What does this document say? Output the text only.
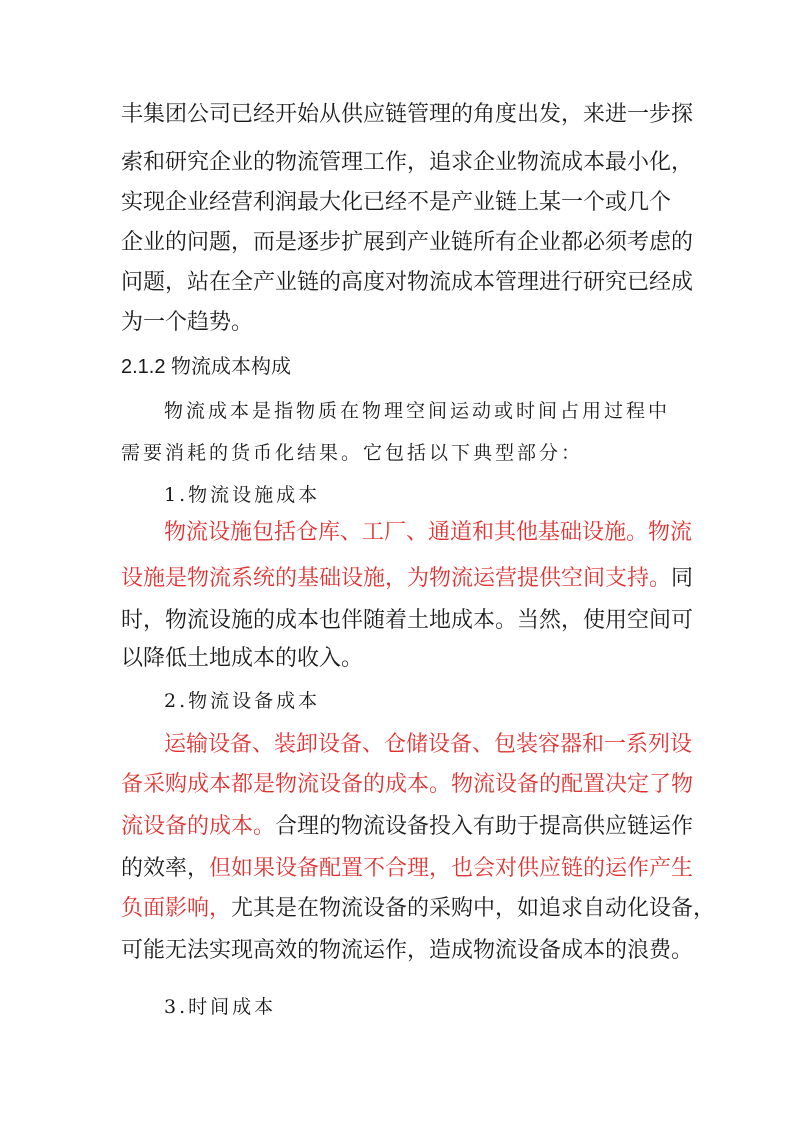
丰集团公司已经开始从供应链管理的角度出发，来进一步探
索和研究企业的物流管理工作，追求企业物流成本最小化，
实现企业经营利润最大化已经不是产业链上某一个或几个
企业的问题，而是逐步扩展到产业链所有企业都必须考虑的
问题，站在全产业链的高度对物流成本管理进行研究已经成
为一个趋势。
2.1.2 物流成本构成
物流成本是指物质在物理空间运动或时间占用过程中
需要消耗的货币化结果。它包括以下典型部分：
1.物流设施成本
物流设施包括仓库、工厂、通道和其他基础设施。物流
设施是物流系统的基础设施，为物流运营提供空间支持。同
时，物流设施的成本也伴随着土地成本。当然，使用空间可
以降低土地成本的收入。
2.物流设备成本
运输设备、装卸设备、仓储设备、包装容器和一系列设
备采购成本都是物流设备的成本。物流设备的配置决定了物
流设备的成本。合理的物流设备投入有助于提高供应链运作
的效率，但如果设备配置不合理，也会对供应链的运作产生
负面影响，尤其是在物流设备的采购中，如追求自动化设备，
可能无法实现高效的物流运作，造成物流设备成本的浪费。
3.时间成本
